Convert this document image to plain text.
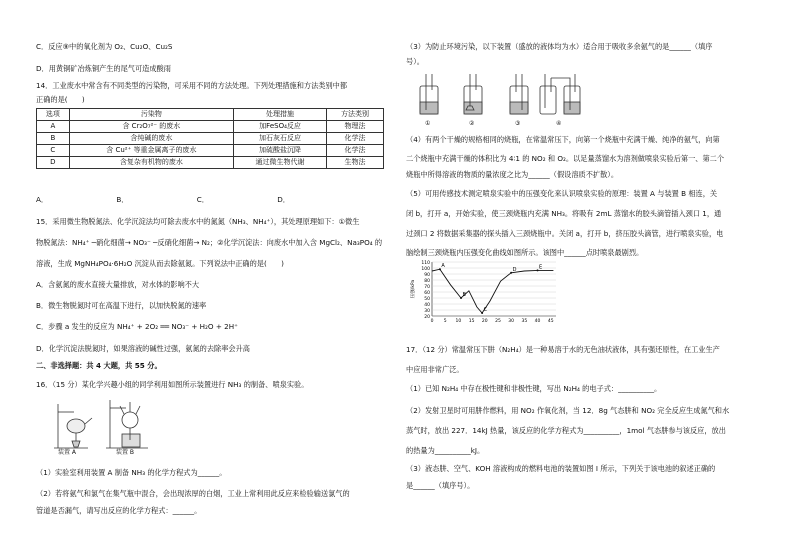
C．反应⑨中的氧化剂为 O₂、Cu₂O、Cu₂S
D．用黄铜矿冶炼铜产生的尾气可造成酸雨
14．工业废水中常含有不同类型的污染物，可采用不同的方法处理。下列处理措施和方法类别中都
正确的是(　　)
选项	污染物	处理措施	方法类别
A	含 Cr₂O₇²⁻ 的废水	加FeSO₄反应	物理法
B	含纯碱的废水	加石灰石反应	化学法
C	含 Cu²⁺ 等重金属离子的废水	加硫酸盐沉降	化学法
D	含复杂有机物的废水	通过微生物代谢	生物法
A．　　　　　　　　　　B．　　　　　　　　　　C．　　　　　　　　　　D．
15．采用微生物脱氮法、化学沉淀法均可除去废水中的氮氮（NH₃、NH₄⁺），其处理原理如下：①微生
物脱氮法：NH₄⁺ ─硝化细菌→ NO₃⁻ ─反硝化细菌→ N₂；②化学沉淀法：向废水中加入含 MgCl₂、Na₃PO₄ 的
溶液，生成 MgNH₄PO₄·6H₂O 沉淀从而去除氨氮。下列说法中正确的是(　　)
A．含氨氮的废水直接大量排放，对水体的影响不大
B．微生物脱氮时可在高温下进行，以加快脱氮的速率
C．步骤 a 发生的反应为 NH₄⁺ + 2O₂ ══ NO₃⁻ + H₂O + 2H⁺
D．化学沉淀法脱氮时，如果溶液的碱性过强，氨氮的去除率会升高
二、非选择题：共 4 大题，共 55 分。
16．（15 分）某化学兴趣小组的同学利用如图所示装置进行 NH₃ 的制备、喷泉实验。
装置 A	装置 B
（1）实验室利用装置 A 制备 NH₃ 的化学方程式为______。
（2）若将氨气和氯气在集气瓶中混合，会出现浓厚的白烟，工业上常利用此反应来检验输送氯气的
管道是否漏气，请写出反应的化学方程式：______。
（3）为防止环境污染，以下装置（盛放的液体均为水）适合用于吸收多余氨气的是______（填序
号）。
①	②	③	④
（4）有两个干燥的规格相同的烧瓶，在常温常压下，向第一个烧瓶中充满干燥、纯净的氨气，向第
二个烧瓶中充满干燥的体积比为 4∶1 的 NO₂ 和 O₂。以足量蒸馏水为溶剂做喷泉实验后第一、第二个
烧瓶中所得溶液的物质的量浓度之比为______（假设溶质不扩散）。
（5）可用传感技术测定喷泉实验中的压强变化来认识喷泉实验的原理：装置 A 与装置 B 相连，关
闭 b，打开 a，开始实验，使三颈烧瓶内充满 NH₃。将吸有 2mL 蒸馏水的胶头滴管插入颈口 1，通
过颈口 2 将数据采集器的探头插入三颈烧瓶中。关闭 a，打开 b，挤压胶头滴管，进行喷泉实验，电
脑绘制三颈烧瓶内压强变化曲线如图所示。该图中______点时喷泉最剧烈。
20
30
40
50
60
70
80
90
100
110
0 5 10 15 20 25 30 35 40 45
压强/kPa
A
B
C
D	E
17．（12 分）常温常压下肼（N₂H₄）是一种易溶于水的无色油状液体，具有强还原性，在工业生产
中应用非常广泛。
（1）已知 N₂H₄ 中存在极性键和非极性键，写出 N₂H₄ 的电子式：__________。
（2）发射卫星时可用肼作燃料，用 NO₂ 作氧化剂，当 12．8g 气态肼和 NO₂ 完全反应生成氮气和水
蒸气时，放出 227．14kJ 热量，该反应的化学方程式为__________，1mol 气态肼参与该反应，放出
的热量为__________kJ。
（3）液态肼、空气、KOH 溶液构成的燃料电池的装置如图 I 所示，下列关于该电池的叙述正确的
是______（填序号）。
